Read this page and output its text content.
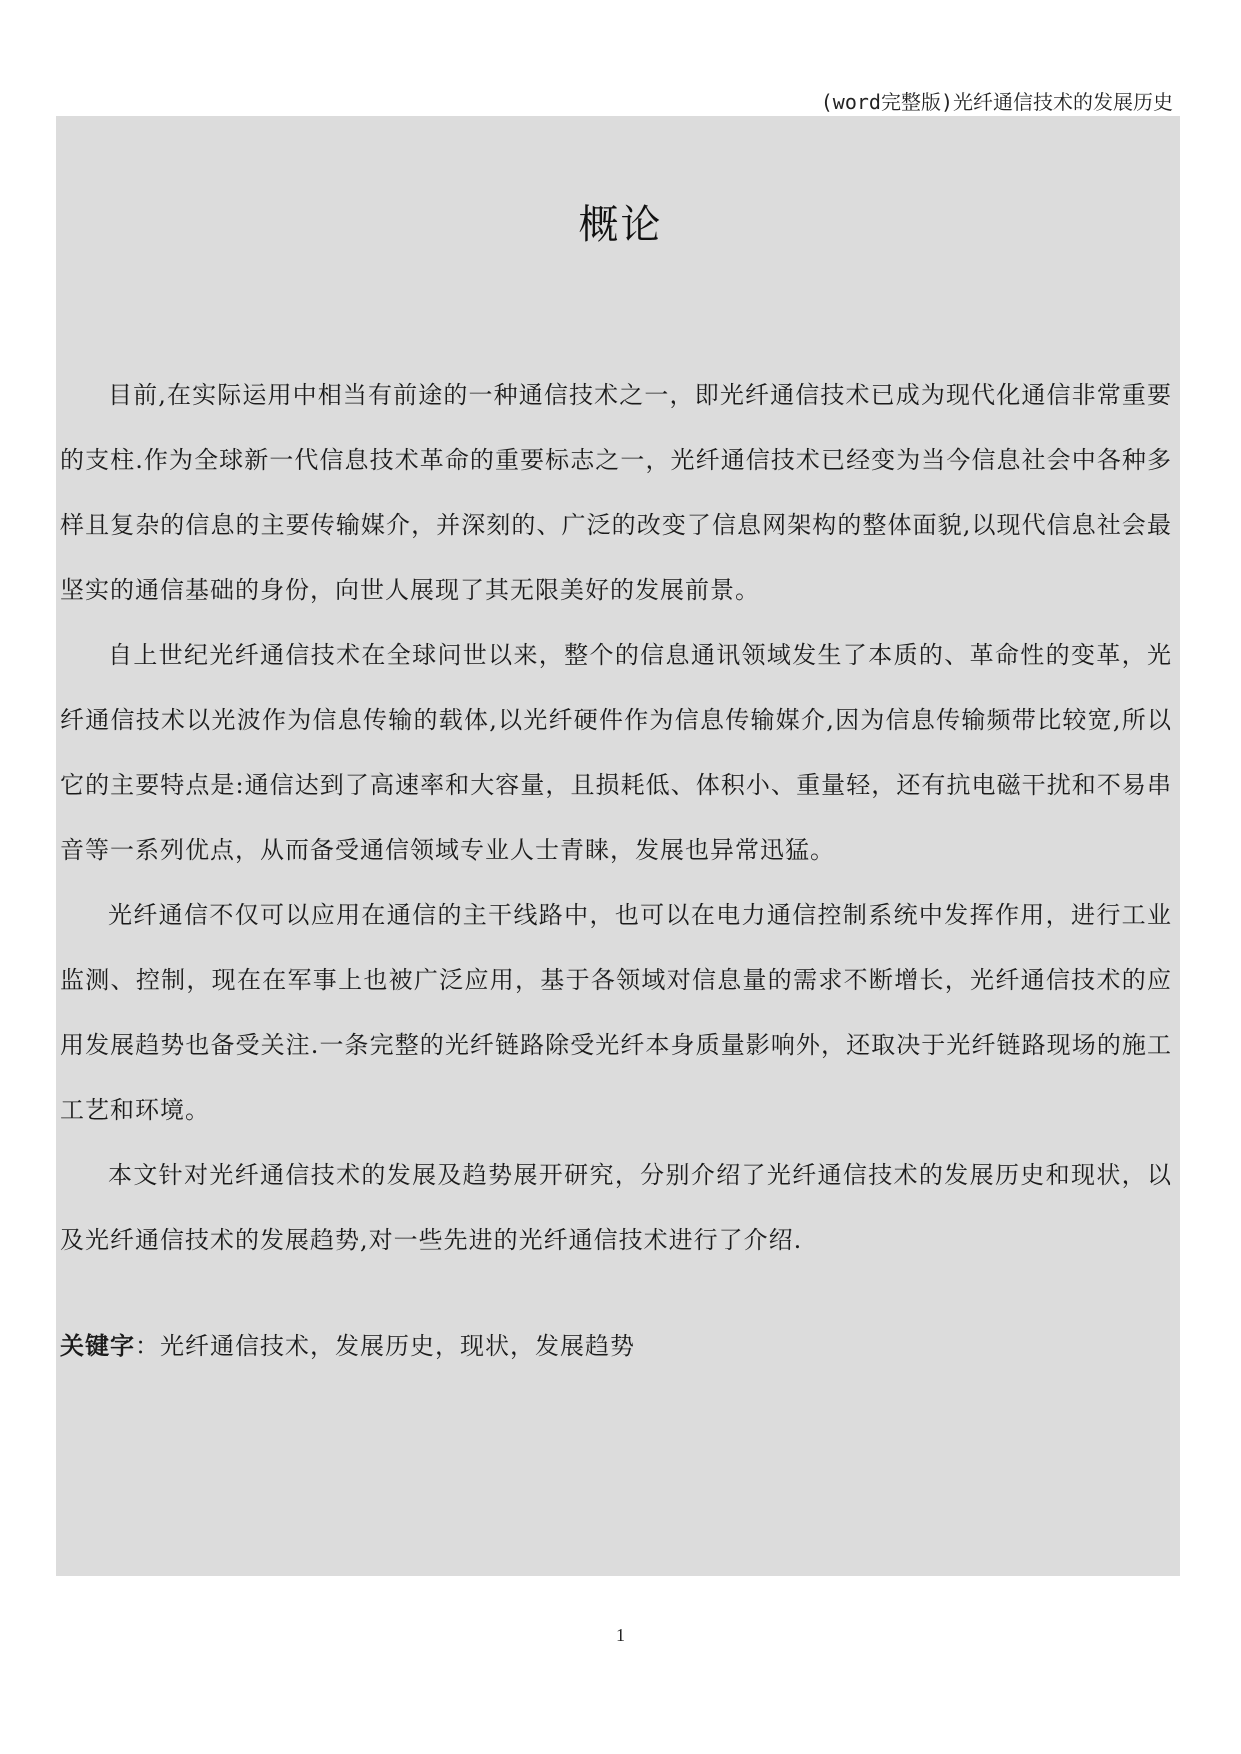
(word完整版)光纤通信技术的发展历史
概论

目前,在实际运用中相当有前途的一种通信技术之一，即光纤通信技术已成为现代化通信非常重要的支柱.作为全球新一代信息技术革命的重要标志之一，光纤通信技术已经变为当今信息社会中各种多样且复杂的信息的主要传输媒介，并深刻的、广泛的改变了信息网架构的整体面貌,以现代信息社会最坚实的通信基础的身份，向世人展现了其无限美好的发展前景。

自上世纪光纤通信技术在全球问世以来，整个的信息通讯领域发生了本质的、革命性的变革，光纤通信技术以光波作为信息传输的载体,以光纤硬件作为信息传输媒介,因为信息传输频带比较宽,所以它的主要特点是:通信达到了高速率和大容量，且损耗低、体积小、重量轻，还有抗电磁干扰和不易串音等一系列优点，从而备受通信领域专业人士青睐，发展也异常迅猛。

光纤通信不仅可以应用在通信的主干线路中，也可以在电力通信控制系统中发挥作用，进行工业监测、控制，现在在军事上也被广泛应用，基于各领域对信息量的需求不断增长，光纤通信技术的应用发展趋势也备受关注.一条完整的光纤链路除受光纤本身质量影响外，还取决于光纤链路现场的施工工艺和环境。

本文针对光纤通信技术的发展及趋势展开研究，分别介绍了光纤通信技术的发展历史和现状，以及光纤通信技术的发展趋势,对一些先进的光纤通信技术进行了介绍.

关键字：光纤通信技术，发展历史，现状，发展趋势
1
